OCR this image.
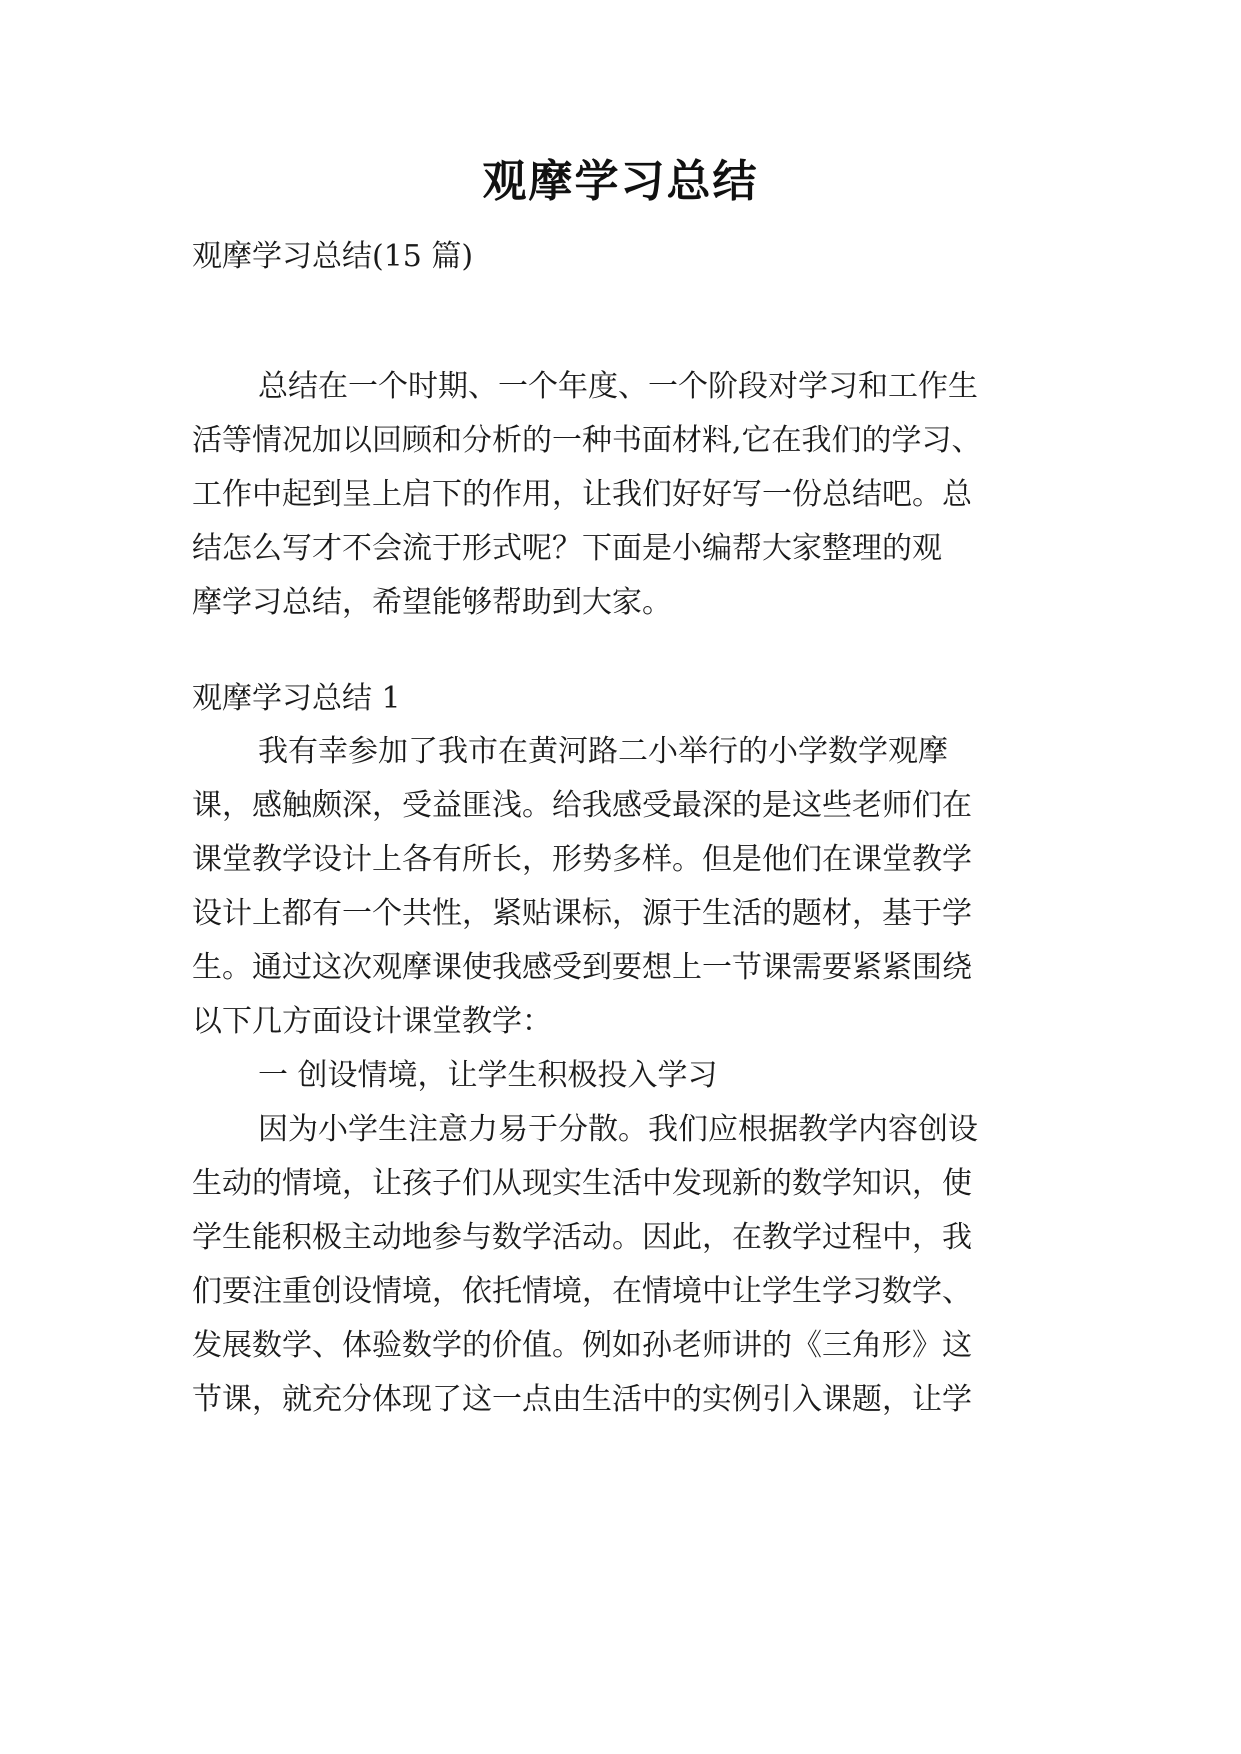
观摩学习总结
观摩学习总结(15 篇)
总结在一个时期、一个年度、一个阶段对学习和工作生
活等情况加以回顾和分析的一种书面材料,它在我们的学习、
工作中起到呈上启下的作用，让我们好好写一份总结吧。总
结怎么写才不会流于形式呢？下面是小编帮大家整理的观
摩学习总结，希望能够帮助到大家。
观摩学习总结 1
我有幸参加了我市在黄河路二小举行的小学数学观摩
课，感触颇深，受益匪浅。给我感受最深的是这些老师们在
课堂教学设计上各有所长，形势多样。但是他们在课堂教学
设计上都有一个共性，紧贴课标，源于生活的题材，基于学
生。通过这次观摩课使我感受到要想上一节课需要紧紧围绕
以下几方面设计课堂教学：
一 创设情境，让学生积极投入学习
因为小学生注意力易于分散。我们应根据教学内容创设
生动的情境，让孩子们从现实生活中发现新的数学知识，使
学生能积极主动地参与数学活动。因此，在教学过程中，我
们要注重创设情境，依托情境，在情境中让学生学习数学、
发展数学、体验数学的价值。例如孙老师讲的《三角形》这
节课，就充分体现了这一点由生活中的实例引入课题，让学
